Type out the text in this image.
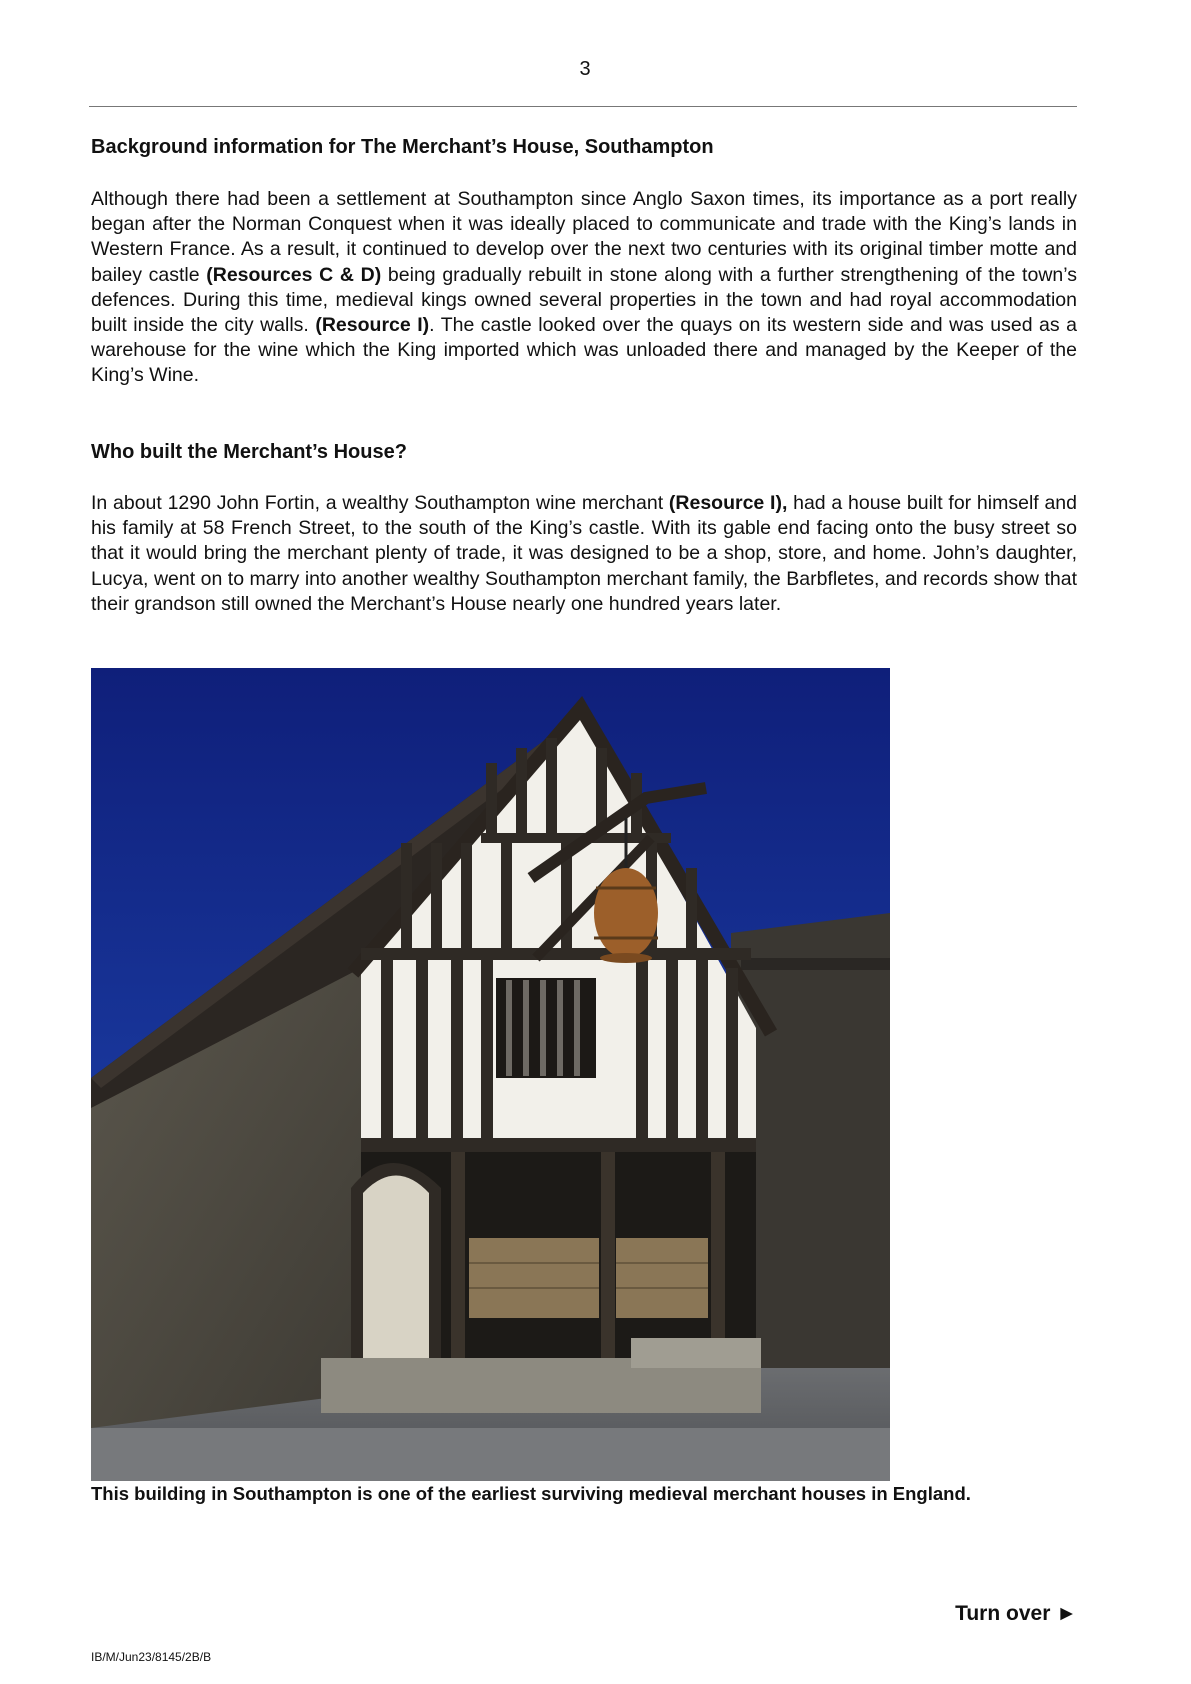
3
Background information for The Merchant’s House, Southampton

Although there had been a settlement at Southampton since Anglo Saxon times, its importance as a port really began after the Norman Conquest when it was ideally placed to communicate and trade with the King’s lands in Western France. As a result, it continued to develop over the next two centuries with its original timber motte and bailey castle (Resources C & D) being gradually rebuilt in stone along with a further strengthening of the town’s defences. During this time, medieval kings owned several properties in the town and had royal accommodation built inside the city walls. (Resource I). The castle looked over the quays on its western side and was used as a warehouse for the wine which the King imported which was unloaded there and managed by the Keeper of the King’s Wine.

Who built the Merchant’s House?

In about 1290 John Fortin, a wealthy Southampton wine merchant (Resource I), had a house built for himself and his family at 58 French Street, to the south of the King’s castle. With its gable end facing onto the busy street so that it would bring the merchant plenty of trade, it was designed to be a shop, store, and home. John’s daughter, Lucya, went on to marry into another wealthy Southampton merchant family, the Barbfletes, and records show that their grandson still owned the Merchant’s House nearly one hundred years later.

This building in Southampton is one of the earliest surviving medieval merchant houses in England.
Turn over ►
IB/M/Jun23/8145/2B/B
